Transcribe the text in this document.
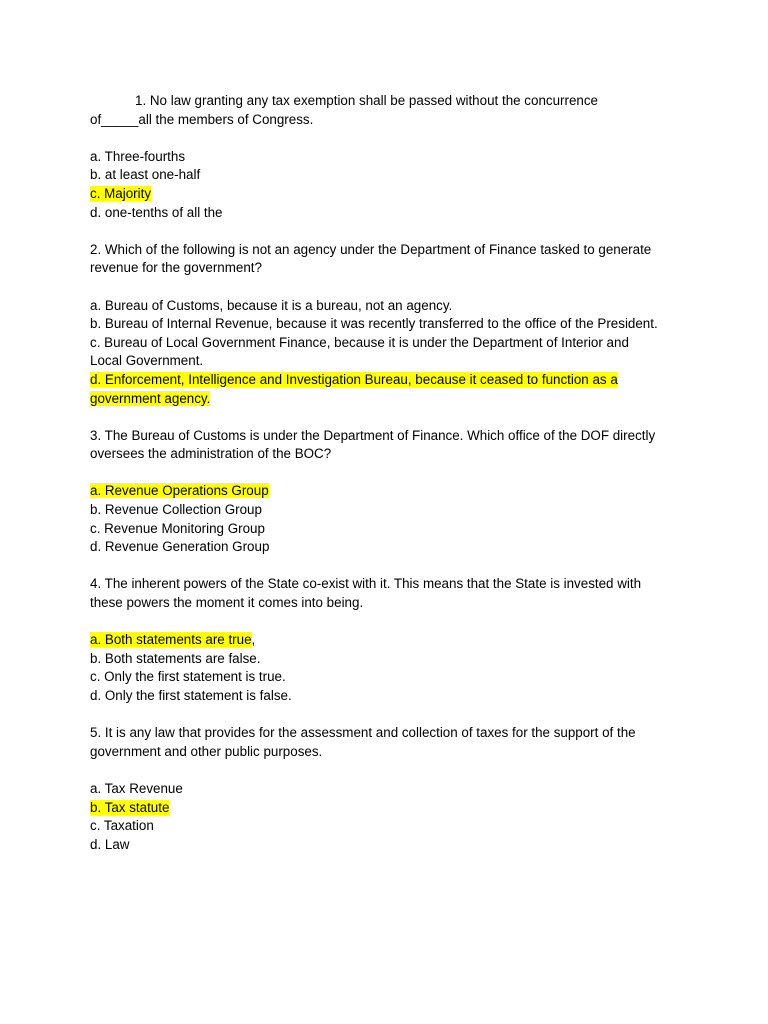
1. No law granting any tax exemption shall be passed without the concurrence
of_____all the members of Congress.
a. Three-fourths
b. at least one-half
c. Majority
d. one-tenths of all the
2. Which of the following is not an agency under the Department of Finance tasked to generate
revenue for the government?
a. Bureau of Customs, because it is a bureau, not an agency.
b. Bureau of Internal Revenue, because it was recently transferred to the office of the President.
c. Bureau of Local Government Finance, because it is under the Department of Interior and
Local Government.
d. Enforcement, Intelligence and Investigation Bureau, because it ceased to function as a
government agency.
3. The Bureau of Customs is under the Department of Finance. Which office of the DOF directly
oversees the administration of the BOC?
a. Revenue Operations Group
b. Revenue Collection Group
c. Revenue Monitoring Group
d. Revenue Generation Group
4. The inherent powers of the State co-exist with it. This means that the State is invested with
these powers the moment it comes into being.
a. Both statements are true,
b. Both statements are false.
c. Only the first statement is true.
d. Only the first statement is false.
5. It is any law that provides for the assessment and collection of taxes for the support of the
government and other public purposes.
a. Tax Revenue
b. Tax statute
c. Taxation
d. Law
